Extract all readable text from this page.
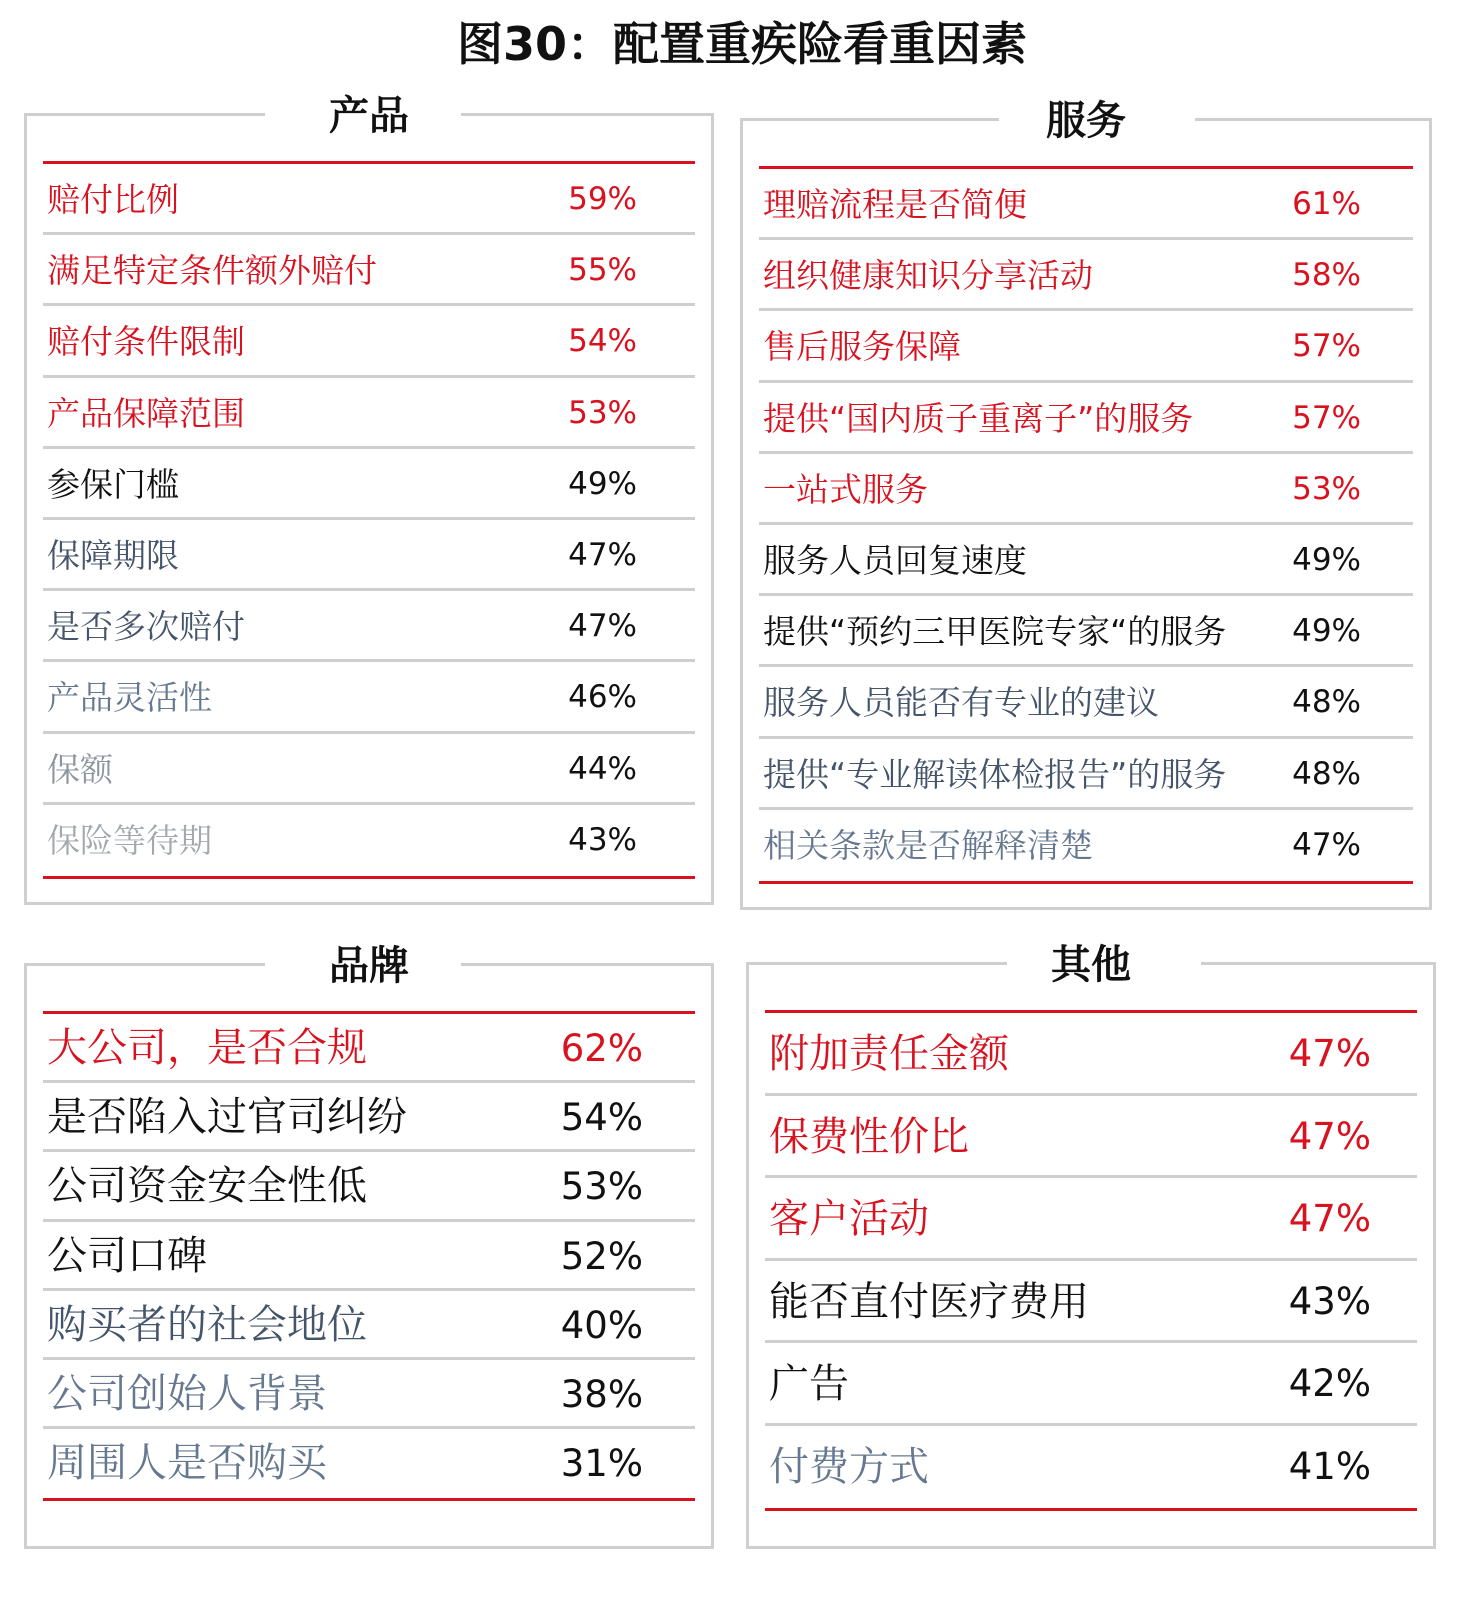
图30：配置重疾险看重因素
产品
赔付比例	59%
满足特定条件额外赔付	55%
赔付条件限制	54%
产品保障范围	53%
参保门槛	49%
保障期限	47%
是否多次赔付	47%
产品灵活性	46%
保额	44%
保险等待期	43%
服务
理赔流程是否简便	61%
组织健康知识分享活动	58%
售后服务保障	57%
提供“国内质子重离子”的服务	57%
一站式服务	53%
服务人员回复速度	49%
提供“预约三甲医院专家“的服务 49%
服务人员能否有专业的建议	48%
提供“专业解读体检报告”的服务 48%
相关条款是否解释清楚	47%
品牌
大公司，是否合规	62%
是否陷入过官司纠纷	54%
公司资金安全性低	53%
公司口碑	52%
购买者的社会地位	40%
公司创始人背景	38%
周围人是否购买	31%
其他
附加责任金额	47%
保费性价比	47%
客户活动	47%
能否直付医疗费用	43%
广告	42%
付费方式	41%
